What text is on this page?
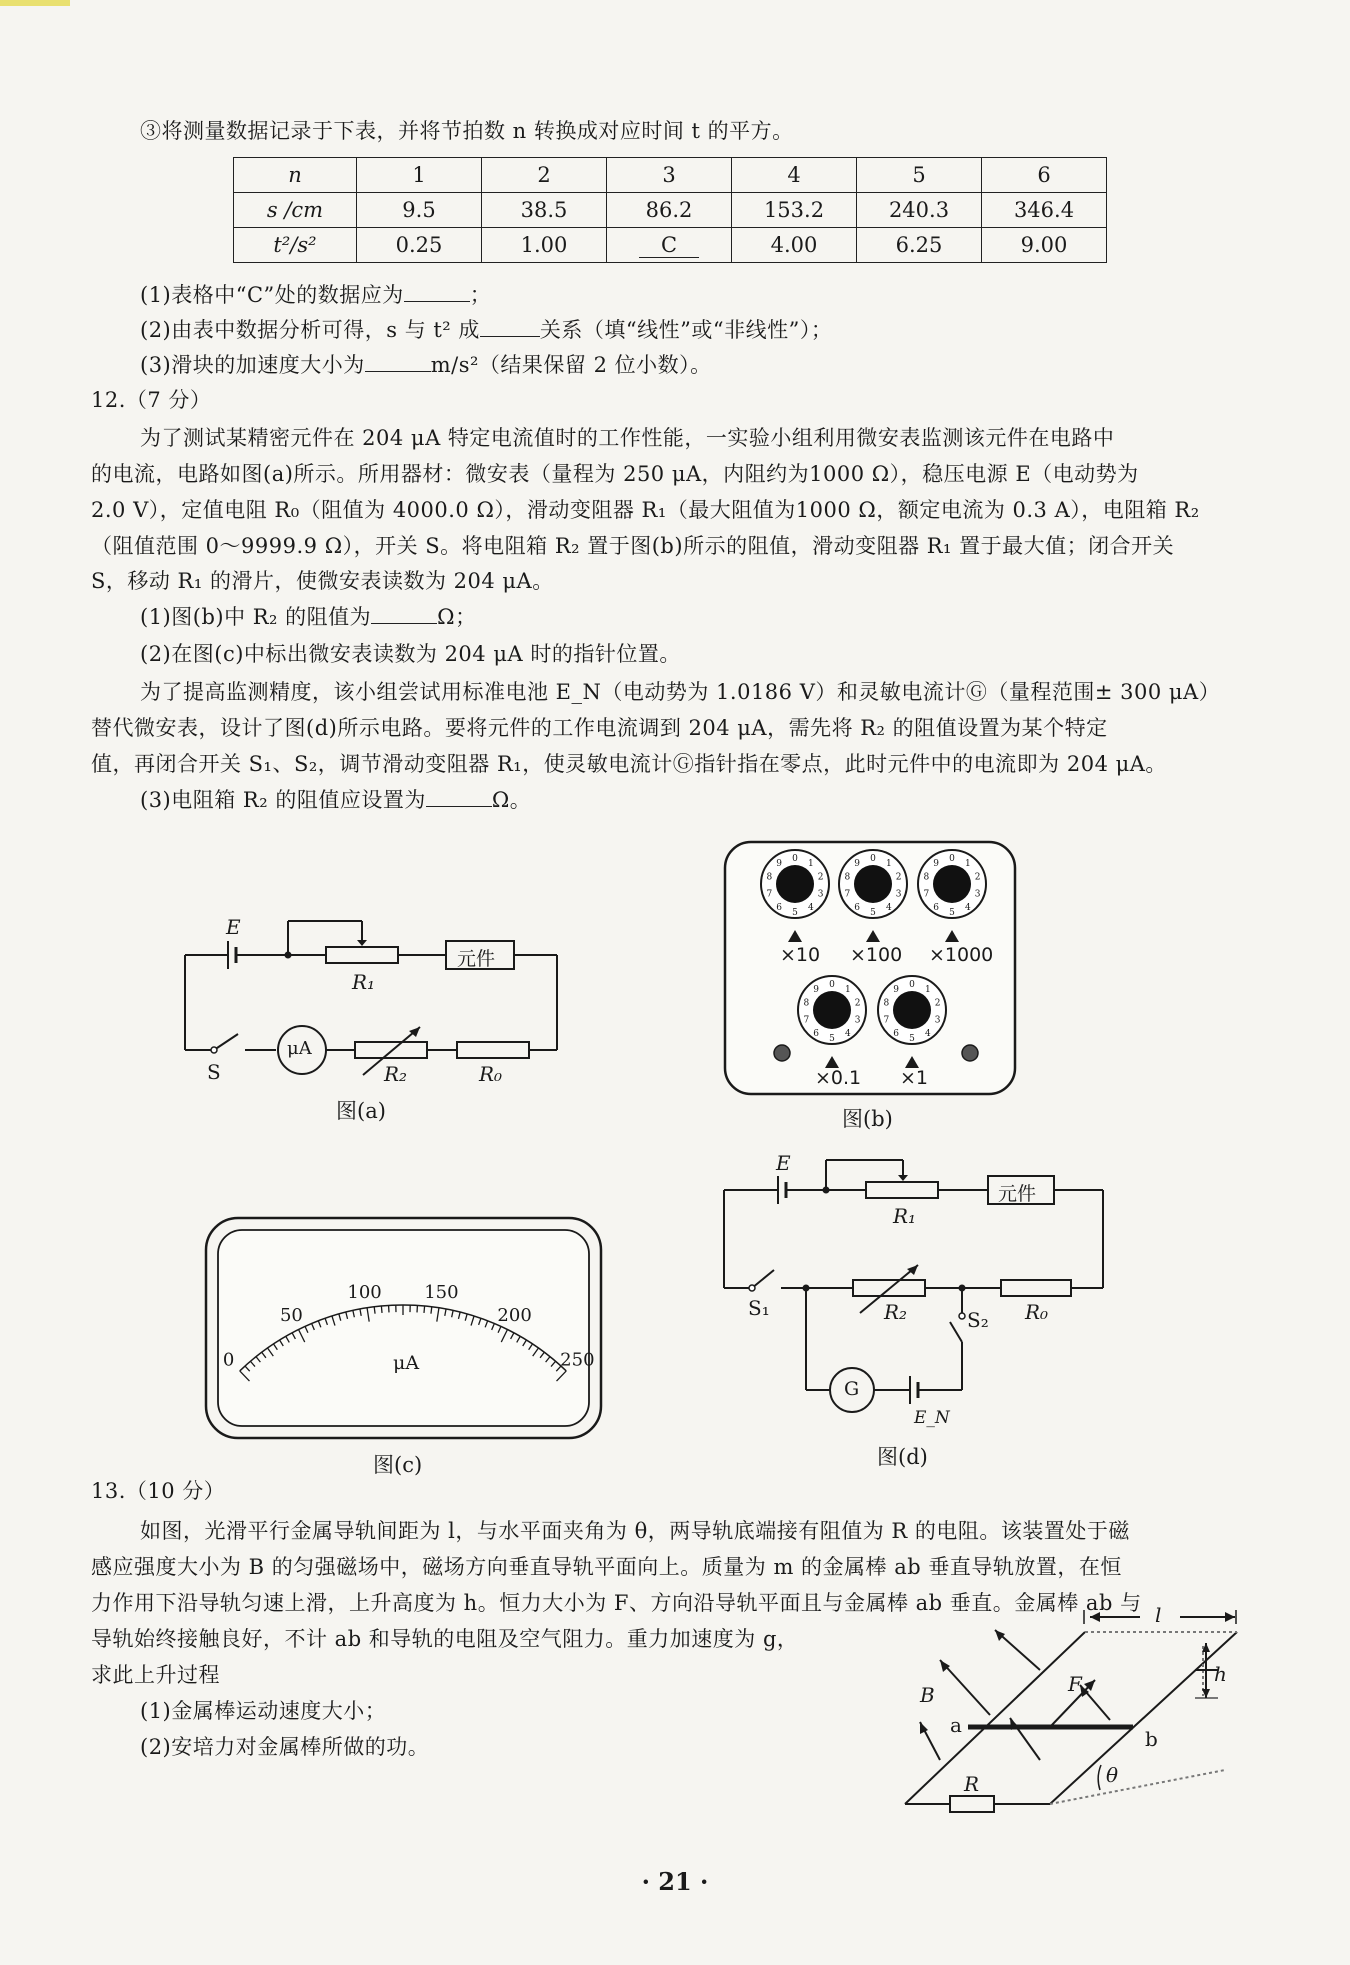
③将测量数据记录于下表，并将节拍数 n 转换成对应时间 t 的平方。
n	1	2	3	4	5	6
s /cm	9.5	38.5	86.2	153.2	240.3	346.4
t²/s²	0.25	1.00	C	4.00	6.25	9.00
(1)表格中“C”处的数据应为	；
(2)由表中数据分析可得，s 与 t² 成	关系（填“线性”或“非线性”）；
(3)滑块的加速度大小为	m/s²（结果保留 2 位小数）。
12.（7 分）
为了测试某精密元件在 204 μA 特定电流值时的工作性能，一实验小组利用微安表监测该元件在电路中
的电流，电路如图(a)所示。所用器材：微安表（量程为 250 μA，内阻约为1000 Ω），稳压电源 E（电动势为
2.0 V），定值电阻 R₀（阻值为 4000.0 Ω），滑动变阻器 R₁（最大阻值为1000 Ω，额定电流为 0.3 A），电阻箱 R₂
（阻值范围 0～9999.9 Ω），开关 S。将电阻箱 R₂ 置于图(b)所示的阻值，滑动变阻器 R₁ 置于最大值；闭合开关
S，移动 R₁ 的滑片，使微安表读数为 204 μA。
(1)图(b)中 R₂ 的阻值为	Ω；
(2)在图(c)中标出微安表读数为 204 μA 时的指针位置。
为了提高监测精度，该小组尝试用标准电池 E_N（电动势为 1.0186 V）和灵敏电流计Ⓖ（量程范围± 300 μA）
替代微安表，设计了图(d)所示电路。要将元件的工作电流调到 204 μA，需先将 R₂ 的阻值设置为某个特定
值，再闭合开关 S₁、S₂，调节滑动变阻器 R₁，使灵敏电流计Ⓖ指针指在零点，此时元件中的电流即为 204 μA。
(3)电阻箱 R₂ 的阻值应设置为	Ω。
E
R₁
元件
S
μA
R₂	R₀
图(a)
0
1
2
3
4
5
6
7
8
9
0
1
2
3
4
5
6
7
8
9
0
1
2
3
4
5
6
7
8
9
0
1
2
3
4
5
6
7
8
9
0
1
2
3
4
5
6
7
8
9
×10 ×100 ×1000
×0.1 ×1
图(b)
0
50
100 150
200
250
μA
图(c)
E
R₁
元件
S₁	R₂	S₂ R₀
G
E_N
图(d)
13.（10 分）
如图，光滑平行金属导轨间距为 l，与水平面夹角为 θ，两导轨底端接有阻值为 R 的电阻。该装置处于磁
感应强度大小为 B 的匀强磁场中，磁场方向垂直导轨平面向上。质量为 m 的金属棒 ab 垂直导轨放置，在恒
力作用下沿导轨匀速上滑，上升高度为 h。恒力大小为 F、方向沿导轨平面且与金属棒 ab 垂直。金属棒 ab 与
导轨始终接触良好，不计 ab 和导轨的电阻及空气阻力。重力加速度为 g，
求此上升过程
(1)金属棒运动速度大小；
(2)安培力对金属棒所做的功。
l
h
B	F
a
b
R	θ
· 21 ·
